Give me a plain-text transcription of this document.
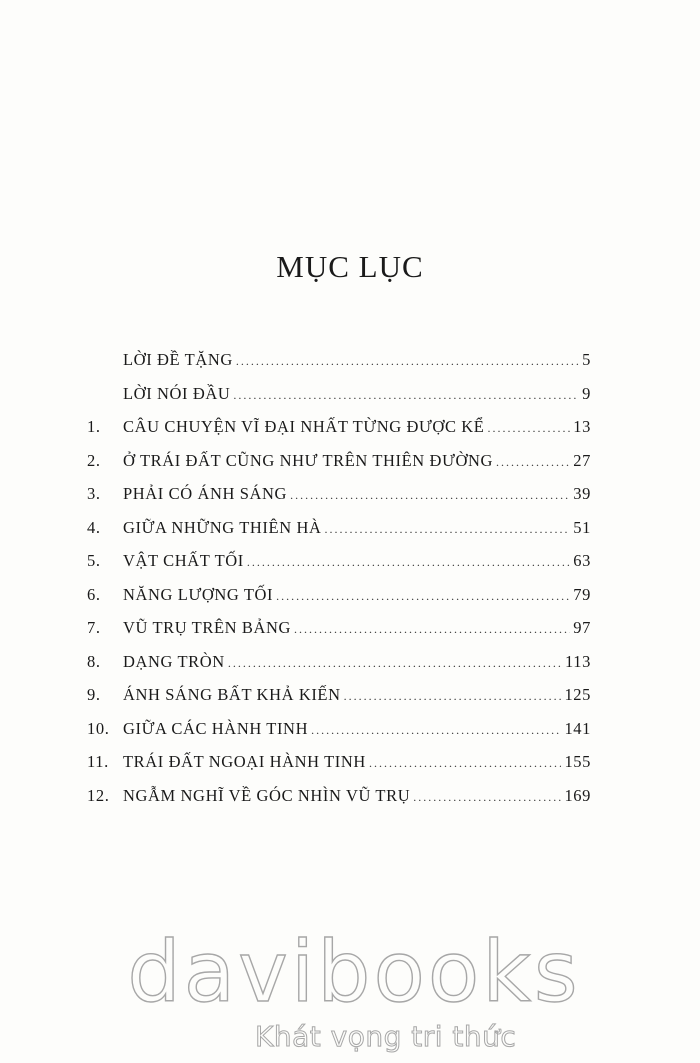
MỤC LỤC
LỜI ĐỀ TẶNG .....	5
LỜI NÓI ĐẦU .....	9
1.	CÂU CHUYỆN VĨ ĐẠI NHẤT TỪNG ĐƯỢC KỂ .....	13
2.	Ở TRÁI ĐẤT CŨNG NHƯ TRÊN THIÊN ĐƯỜNG .....	27
3.	PHẢI CÓ ÁNH SÁNG .....	39
4.	GIỮA NHỮNG THIÊN HÀ .....	51
5.	VẬT CHẤT TỐI .....	63
6.	NĂNG LƯỢNG TỐI .....	79
7.	VŨ TRỤ TRÊN BẢNG .....	97
8.	DẠNG TRÒN .....	113
9.	ÁNH SÁNG BẤT KHẢ KIẾN .....	125
10. GIỮA CÁC HÀNH TINH .....	141
11. TRÁI ĐẤT NGOẠI HÀNH TINH .....	155
12. NGẪM NGHĨ VỀ GÓC NHÌN VŨ TRỤ .....	169
davibooks
Khát vọng tri thức
